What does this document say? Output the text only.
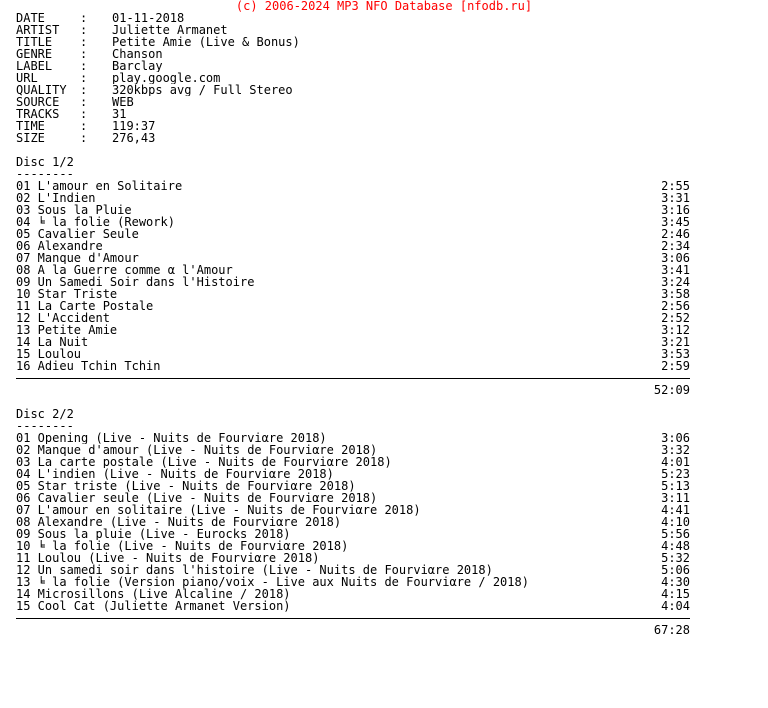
(c) 2006-2024 MP3 NFO Database [nfodb.ru]
DATE	: 01-11-2018
ARTIST : Juliette Armanet
TITLE : Petite Amie (Live & Bonus)
GENRE : Chanson
LABEL : Barclay
URL	: play.google.com
QUALITY : 320kbps avg / Full Stereo
SOURCE : WEB
TRACKS : 31
TIME	: 119:37
SIZE	: 276,43
Disc 1/2
--------
01 L'amour en Solitaire	2:55
02 L'Indien	3:31
03 Sous la Pluie	3:16
04 ╘ la folie (Rework)	3:45
05 Cavalier Seule	2:46
06 Alexandre	2:34
07 Manque d'Amour	3:06
08 A la Guerre comme α l'Amour	3:41
09 Un Samedi Soir dans l'Histoire	3:24
10 Star Triste	3:58
11 La Carte Postale	2:56
12 L'Accident	2:52
13 Petite Amie	3:12
14 La Nuit	3:21
15 Loulou	3:53
16 Adieu Tchin Tchin	2:59
52:09
Disc 2/2
--------
01 Opening (Live - Nuits de Fourviαre 2018)	3:06
02 Manque d'amour (Live - Nuits de Fourviαre 2018)	3:32
03 La carte postale (Live - Nuits de Fourviαre 2018)	4:01
04 L'indien (Live - Nuits de Fourviαre 2018)	5:23
05 Star triste (Live - Nuits de Fourviαre 2018)	5:13
06 Cavalier seule (Live - Nuits de Fourviαre 2018)	3:11
07 L'amour en solitaire (Live - Nuits de Fourviαre 2018)	4:41
08 Alexandre (Live - Nuits de Fourviαre 2018)	4:10
09 Sous la pluie (Live - Eurocks 2018)	5:56
10 ╘ la folie (Live - Nuits de Fourviαre 2018)	4:48
11 Loulou (Live - Nuits de Fourviαre 2018)	5:32
12 Un samedi soir dans l'histoire (Live - Nuits de Fourviαre 2018)	5:06
13 ╘ la folie (Version piano/voix - Live aux Nuits de Fourviαre / 2018)	4:30
14 Microsillons (Live Alcaline / 2018)	4:15
15 Cool Cat (Juliette Armanet Version)	4:04
67:28
